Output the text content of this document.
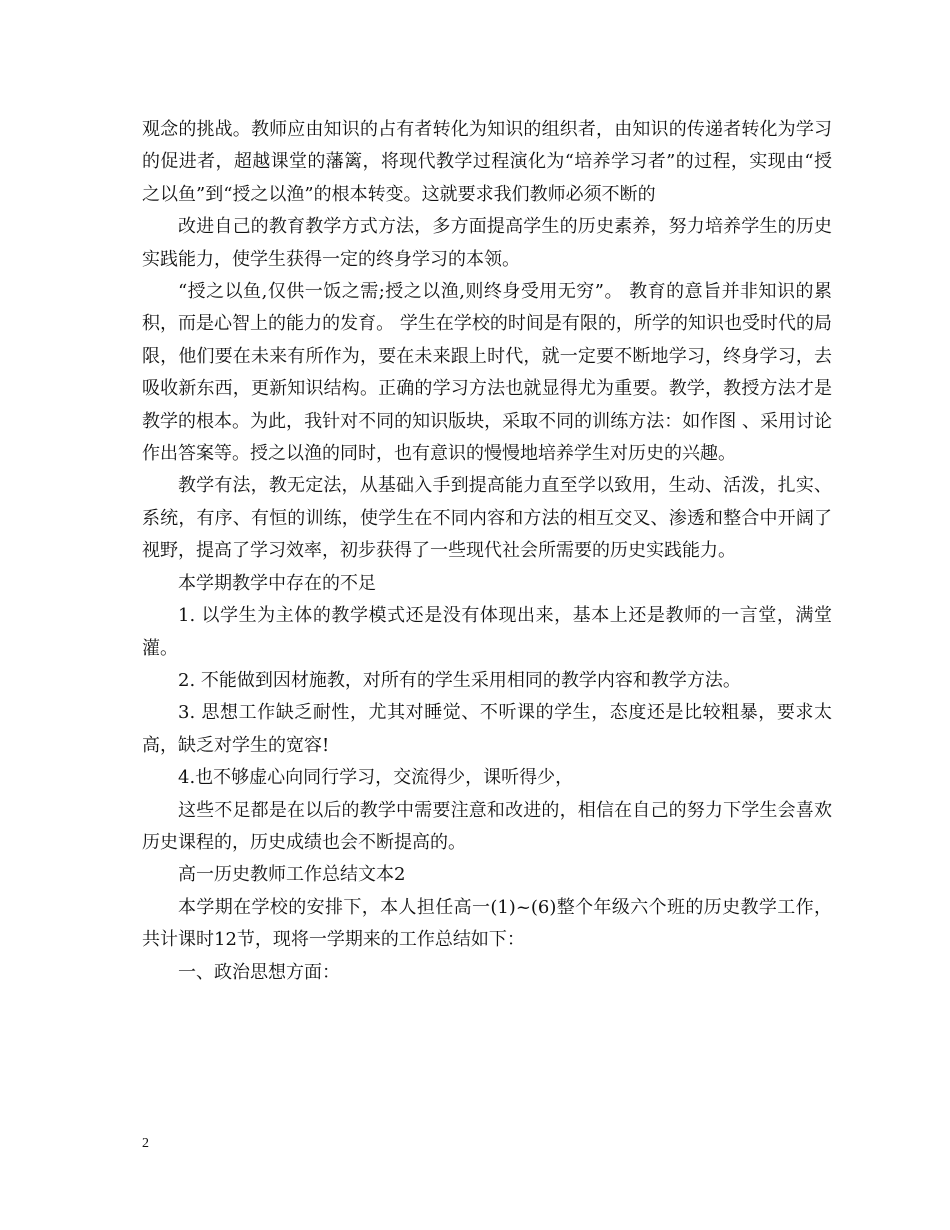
观念的挑战。教师应由知识的占有者转化为知识的组织者，由知识的传递者转化为学习的促进者，超越课堂的藩篱，将现代教学过程演化为“培养学习者”的过程，实现由“授之以鱼”到“授之以渔”的根本转变。这就要求我们教师必须不断的

改进自己的教育教学方式方法，多方面提高学生的历史素养，努力培养学生的历史实践能力，使学生获得一定的终身学习的本领。

“授之以鱼,仅供一饭之需;授之以渔,则终身受用无穷”。 教育的意旨并非知识的累积，而是心智上的能力的发育。 学生在学校的时间是有限的，所学的知识也受时代的局限，他们要在未来有所作为，要在未来跟上时代，就一定要不断地学习，终身学习，去吸收新东西，更新知识结构。正确的学习方法也就显得尤为重要。教学，教授方法才是教学的根本。为此，我针对不同的知识版块，采取不同的训练方法：如作图 、采用讨论作出答案等。授之以渔的同时，也有意识的慢慢地培养学生对历史的兴趣。

教学有法，教无定法，从基础入手到提高能力直至学以致用，生动、活泼，扎实、系统，有序、有恒的训练，使学生在不同内容和方法的相互交叉、渗透和整合中开阔了视野，提高了学习效率，初步获得了一些现代社会所需要的历史实践能力。

本学期教学中存在的不足

1. 以学生为主体的教学模式还是没有体现出来，基本上还是教师的一言堂，满堂灌。

2. 不能做到因材施教，对所有的学生采用相同的教学内容和教学方法。

3. 思想工作缺乏耐性，尤其对睡觉、不听课的学生，态度还是比较粗暴，要求太高，缺乏对学生的宽容!

4.也不够虚心向同行学习，交流得少，课听得少，

这些不足都是在以后的教学中需要注意和改进的，相信在自己的努力下学生会喜欢历史课程的，历史成绩也会不断提高的。

高一历史教师工作总结文本2

本学期在学校的安排下，本人担任高一(1)~(6)整个年级六个班的历史教学工作，共计课时12节，现将一学期来的工作总结如下：

一、政治思想方面：

2
